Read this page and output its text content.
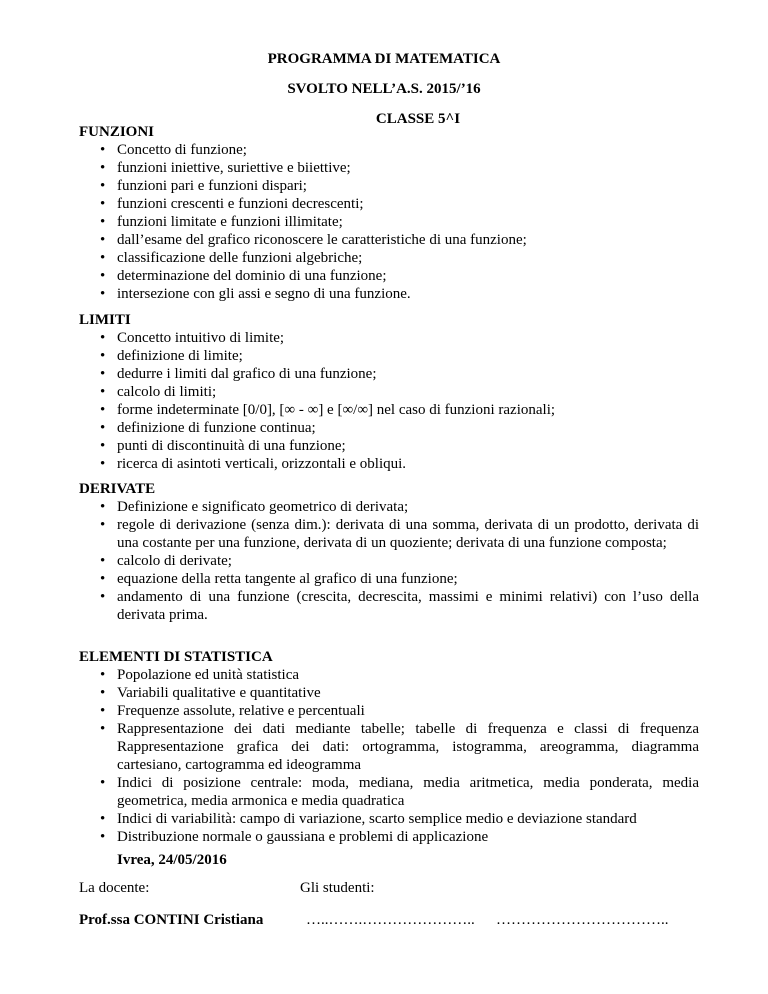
PROGRAMMA DI MATEMATICA
SVOLTO NELL’A.S. 2015/’16
CLASSE 5^I
FUNZIONI
• Concetto di funzione;
• funzioni iniettive, suriettive e biiettive;
• funzioni pari e funzioni dispari;
• funzioni crescenti e funzioni decrescenti;
• funzioni limitate e funzioni illimitate;
• dall’esame del grafico riconoscere le caratteristiche di una funzione;
• classificazione delle funzioni algebriche;
• determinazione del dominio di una funzione;
• intersezione con gli assi e segno di una funzione.
LIMITI
• Concetto intuitivo di limite;
• definizione di limite;
• dedurre i limiti dal grafico di una funzione;
• calcolo di limiti;
• forme indeterminate [0/0], [∞ - ∞] e [∞/∞] nel caso di funzioni razionali;
• definizione di funzione continua;
• punti di discontinuità di una funzione;
• ricerca di asintoti verticali, orizzontali e obliqui.
DERIVATE
• Definizione e significato geometrico di derivata;
• regole di derivazione (senza dim.): derivata di una somma, derivata di un prodotto, derivata di una costante per una funzione, derivata di un quoziente; derivata di una funzione composta;
• calcolo di derivate;
• equazione della retta tangente al grafico di una funzione;
• andamento di una funzione (crescita, decrescita, massimi e minimi relativi) con l’uso della derivata prima.
ELEMENTI DI STATISTICA
• Popolazione ed unità statistica
• Variabili qualitative e quantitative
• Frequenze assolute, relative e percentuali
• Rappresentazione dei dati mediante tabelle; tabelle di frequenza e classi di frequenza Rappresentazione grafica dei dati: ortogramma, istogramma, areogramma, diagramma cartesiano, cartogramma ed ideogramma
• Indici di posizione centrale: moda, mediana, media aritmetica, media ponderata, media geometrica, media armonica e media quadratica
• Indici di variabilità: campo di variazione, scarto semplice medio e deviazione standard
• Distribuzione normale o gaussiana e problemi di applicazione
Ivrea, 24/05/2016
La docente:	Gli studenti:
Prof.ssa CONTINI Cristiana	…..…….………………….. ……………………………..
